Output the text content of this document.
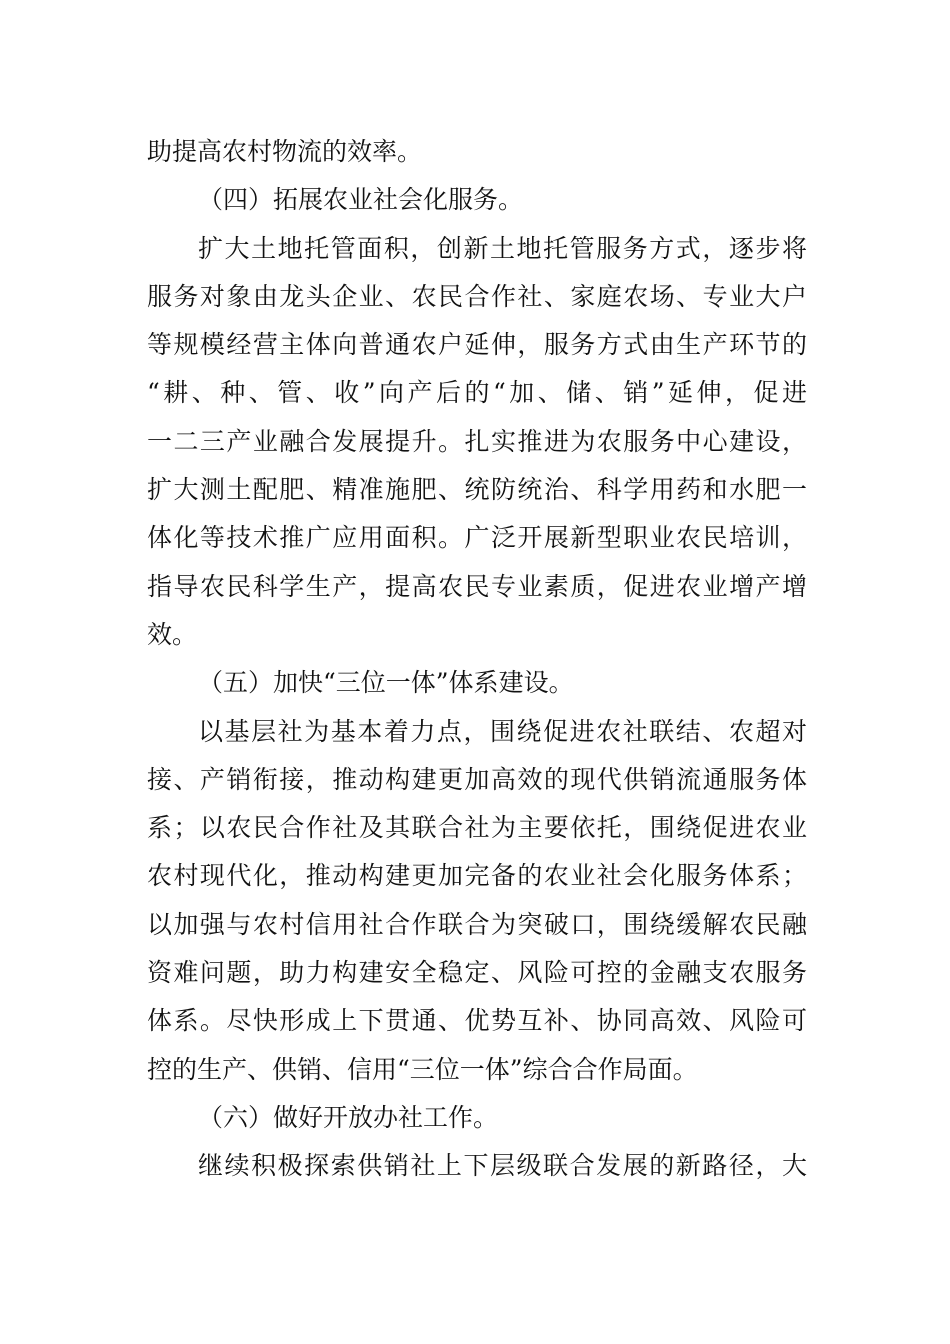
助提高农村物流的效率。
（四）拓展农业社会化服务。
扩大土地托管面积，创新土地托管服务方式，逐步将
服务对象由龙头企业、农民合作社、家庭农场、专业大户
等规模经营主体向普通农户延伸，服务方式由生产环节的
“耕、种、管、收”向产后的“加、储、销”延伸，促进
一二三产业融合发展提升。扎实推进为农服务中心建设，
扩大测土配肥、精准施肥、统防统治、科学用药和水肥一
体化等技术推广应用面积。广泛开展新型职业农民培训，
指导农民科学生产，提高农民专业素质，促进农业增产增
效。
（五）加快“三位一体”体系建设。
以基层社为基本着力点，围绕促进农社联结、农超对
接、产销衔接，推动构建更加高效的现代供销流通服务体
系；以农民合作社及其联合社为主要依托，围绕促进农业
农村现代化，推动构建更加完备的农业社会化服务体系；
以加强与农村信用社合作联合为突破口，围绕缓解农民融
资难问题，助力构建安全稳定、风险可控的金融支农服务
体系。尽快形成上下贯通、优势互补、协同高效、风险可
控的生产、供销、信用“三位一体”综合合作局面。
（六）做好开放办社工作。
继续积极探索供销社上下层级联合发展的新路径，大
